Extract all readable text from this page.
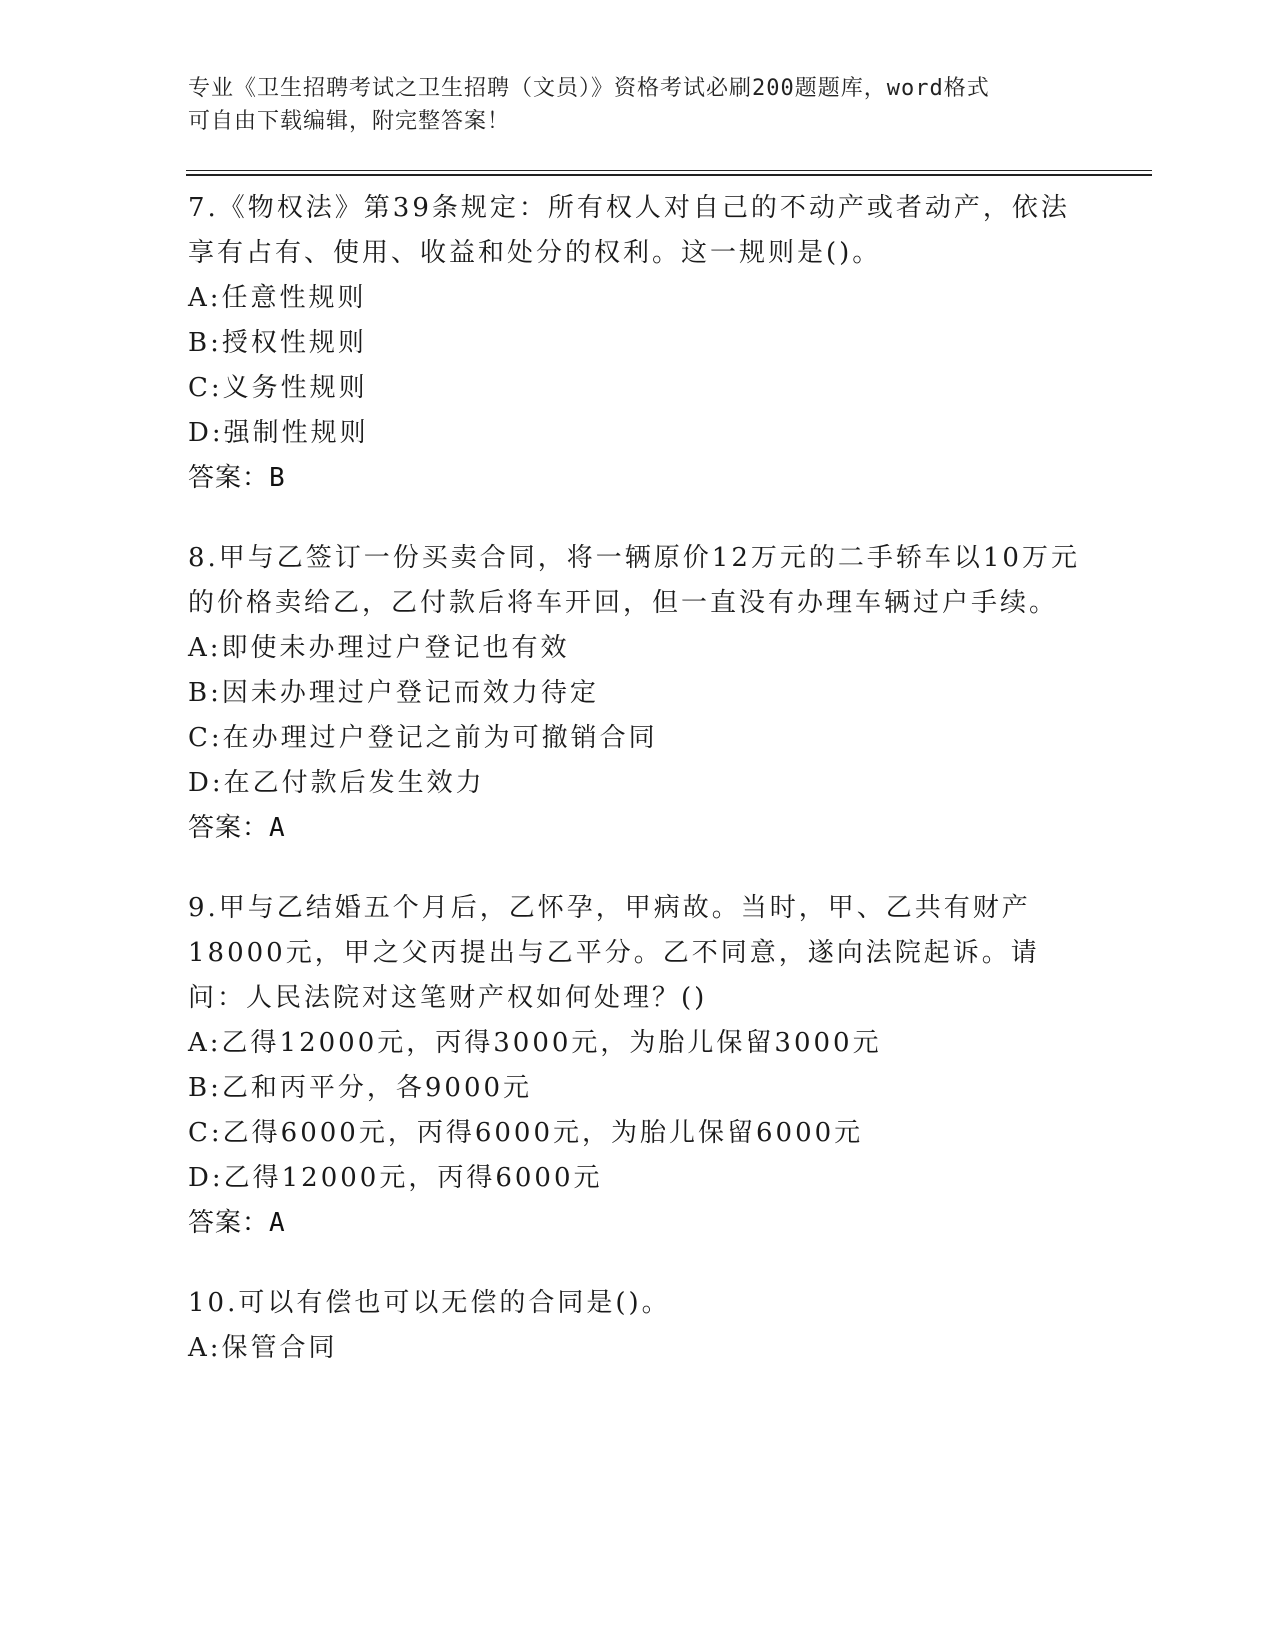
专业《卫生招聘考试之卫生招聘（文员）》资格考试必刷200题题库，word格式
可自由下载编辑，附完整答案！
7.《物权法》第39条规定：所有权人对自己的不动产或者动产，依法享有占有、使用、收益和处分的权利。这一规则是()。
A:任意性规则
B:授权性规则
C:义务性规则
D:强制性规则
答案：B
8.甲与乙签订一份买卖合同，将一辆原价12万元的二手轿车以10万元的价格卖给乙，乙付款后将车开回，但一直没有办理车辆过户手续。
A:即使未办理过户登记也有效
B:因未办理过户登记而效力待定
C:在办理过户登记之前为可撤销合同
D:在乙付款后发生效力
答案：A
9.甲与乙结婚五个月后，乙怀孕，甲病故。当时，甲、乙共有财产18000元，甲之父丙提出与乙平分。乙不同意，遂向法院起诉。请问：人民法院对这笔财产权如何处理？()
A:乙得12000元，丙得3000元，为胎儿保留3000元
B:乙和丙平分，各9000元
C:乙得6000元，丙得6000元，为胎儿保留6000元
D:乙得12000元，丙得6000元
答案：A
10.可以有偿也可以无偿的合同是()。
A:保管合同
